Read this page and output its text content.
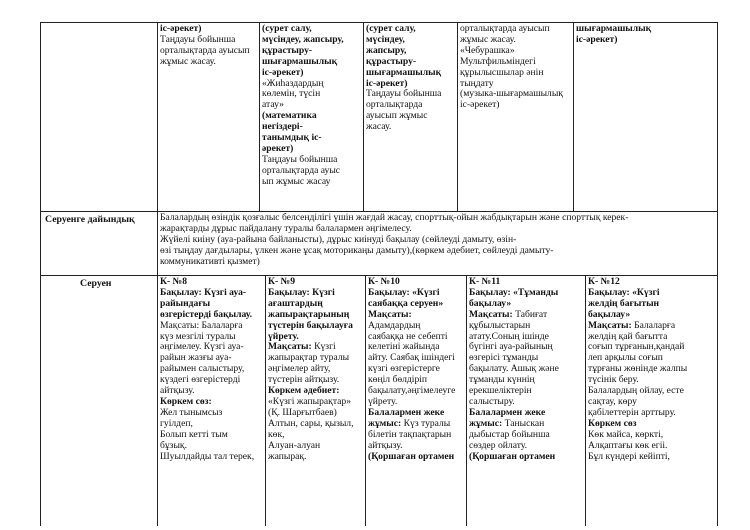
іс-әрекет)
Таңдауы бойынша
орталықтарда ауысып
жұмыс жасау.
(сурет салу,
мүсіндеу, жапсыру,
құрастыру-
шығармашылық
іс-әрекет)
«Жиһаздардың
көлемін, түсін
атау»
(математика
негіздері-
танымдық іс-
әрекет)
Таңдауы бойынша
орталықтарда ауыс
ып жұмыс жасау
(сурет салу,
мүсіндеу,
жапсыру,
құрастыру-
шығармашылық
іс-әрекет)
Таңдауы бойынша
орталықтарда
ауысып жұмыс
жасау.
орталықтарда ауысып
жұмыс жасау.
«Чебурашка»
Мультфильміндегі
құрылысшылар әнін
тыңдату
(музыка-шығармашылық
іс-әрекет)
шығармашылық
іс-әрекет)
Серуенге дайындық	Балалардың өзіндік қозғалыс белсенділігі үшін жағдай жасау, спорттық-ойын жабдықтарын және спорттық керек-
жарақтарды дұрыс пайдалану туралы балалармен әңгімелесу.
Жүйелі киіну (ауа-райына байланысты), дұрыс киінуді бақылау (сөйлеуді дамыту, өзін-
өзі тыңдау дағдылары, үлкен және ұсақ моторикаңы дамыту),(көркем әдебиет, сөйлеуді дамыту-
коммуникативті қызмет)
Серуен	К- №8
Бақылау: Күзгі ауа-
райындағы
өзгерістерді бақылау.
Мақсаты: Балаларға
күз мезгілі туралы
әңгімелеу. Күзгі ауа-
райын жазғы ауа-
райымен салыстыру,
күздегі өзгерістерді
айтқызу.
Көркем сөз:
Жел тынымсыз
гуілдеп,
Болып кетті тым
бұзық.
Шуылдайды тал терек,
К- №9
Бақылау: Күзгі
ағаштардың
жапырақтарының
түстерін бақылауға
үйрету.
Мақсаты: Күзгі
жапырақтар туралы
әңгімелер айту,
түстерін айтқызу.
Көркем әдебиет:
«Күзгі жапырақтар»
(Қ. Шарғытбаев)
Алтын, сары, қызыл,
көк,
Алуан-алуан
жапырақ.
К- №10
Бақылау: «Күзгі
саябаққа серуен»
Мақсаты:
Адамдардың
саябаққа не себепті
келетіні жайында
айту. Саябақ ішіндегі
күзгі өзгерістерге
көңіл бөлдіріп
бақылату,әңгімелеуге
үйрету.
Балалармен жеке
жұмыс: Күз туралы
білетін тақпақтарын
айтқызу.
(Қоршаған ортамен
К- №11
Бақылау: «Тұманды
бақылау»
Мақсаты: Табиғат
құбылыстарын
атату.Соның ішінде
бүгінгі ауа-райының
өзгерісі тұманды
бақылату. Ашық және
тұманды күннің
ерекшеліктерін
салыстыру.
Балалармен жеке
жұмыс: Таныскан
дыбыстар бойынша
сөздер ойлату.
(Қоршаған ортамен
К- №12
Бақылау: «Күзгі
желдің бағытын
бақылау»
Мақсаты: Балаларға
желдің қай бағытта
соғып тұрғанын,қандай
леп арқылы соғып
тұрғаны жөнінде жалпы
түсінік беру.
Балалардың ойлау, есте
сақтау, көру
қабілеттерін арттыру.
Көркем сөз
Көк майса, көркті,
Алқаптағы көк егіі.
Бұл күндері кейіпті,
